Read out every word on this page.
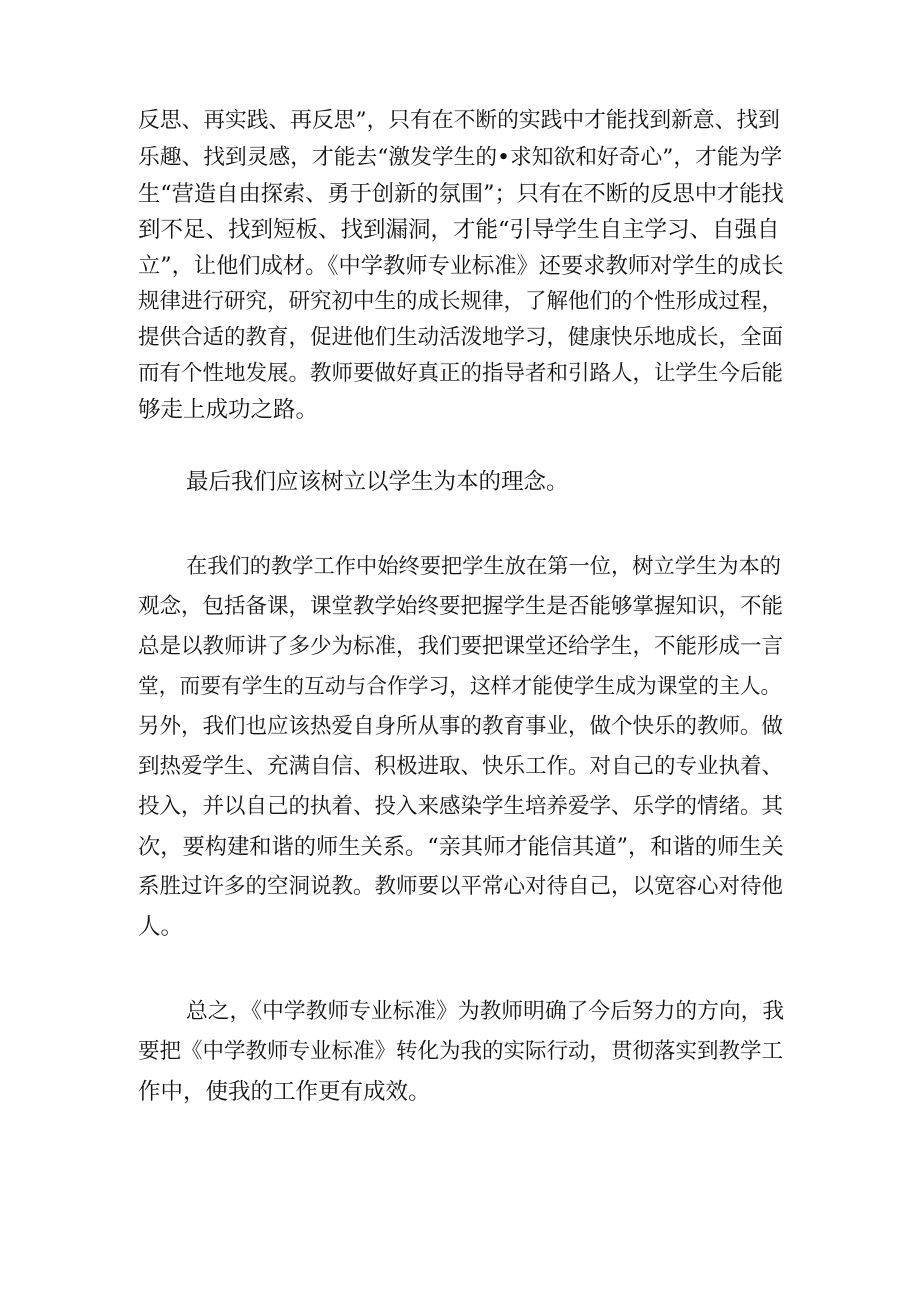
反思、再实践、再反思”，只有在不断的实践中才能找到新意、找到
乐趣、找到灵感，才能去“激发学生的•求知欲和好奇心”，才能为学
生“营造自由探索、勇于创新的氛围”；只有在不断的反思中才能找
到不足、找到短板、找到漏洞，才能“引导学生自主学习、自强自
立”，让他们成材。《中学教师专业标准》还要求教师对学生的成长
规律进行研究，研究初中生的成长规律，了解他们的个性形成过程，
提供合适的教育，促进他们生动活泼地学习，健康快乐地成长，全面
而有个性地发展。教师要做好真正的指导者和引路人，让学生今后能
够走上成功之路。
最后我们应该树立以学生为本的理念。
在我们的教学工作中始终要把学生放在第一位，树立学生为本的
观念，包括备课，课堂教学始终要把握学生是否能够掌握知识，不能
总是以教师讲了多少为标准，我们要把课堂还给学生，不能形成一言
堂，而要有学生的互动与合作学习，这样才能使学生成为课堂的主人。
另外，我们也应该热爱自身所从事的教育事业，做个快乐的教师。做
到热爱学生、充满自信、积极进取、快乐工作。对自己的专业执着、
投入，并以自己的执着、投入来感染学生培养爱学、乐学的情绪。其
次，要构建和谐的师生关系。“亲其师才能信其道”，和谐的师生关
系胜过许多的空洞说教。教师要以平常心对待自己，以宽容心对待他
人。
总之，《中学教师专业标准》为教师明确了今后努力的方向，我
要把《中学教师专业标准》转化为我的实际行动，贯彻落实到教学工
作中，使我的工作更有成效。
